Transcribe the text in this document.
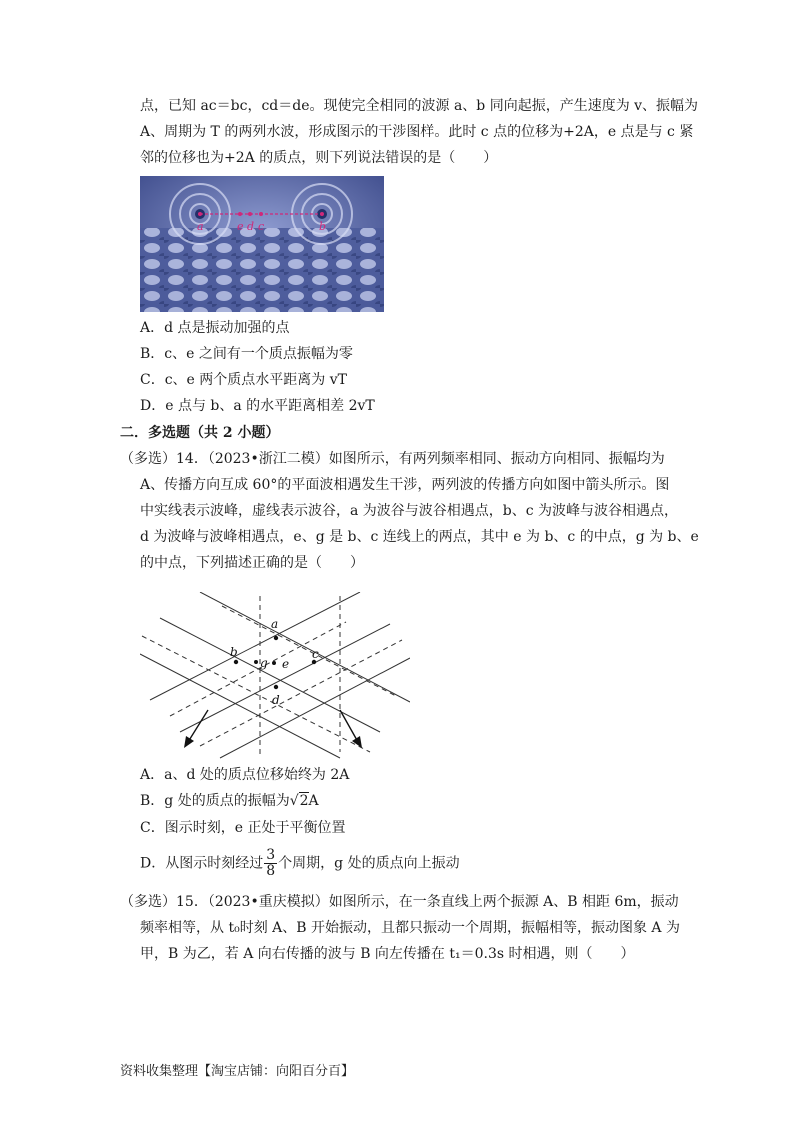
点，已知 ac＝bc，cd＝de。现使完全相同的波源 a、b 同向起振，产生速度为 v、振幅为
A、周期为 T 的两列水波，形成图示的干涉图样。此时 c 点的位移为+2A，e 点是与 c 紧
邻的位移也为+2A 的质点，则下列说法错误的是（　　）
a	e d c	b
A．d 点是振动加强的点
B．c、e 之间有一个质点振幅为零
C．c、e 两个质点水平距离为 vT
D．e 点与 b、a 的水平距离相差 2vT
二．多选题（共 2 小题）
（多选）14．（2023•浙江二模）如图所示，有两列频率相同、振动方向相同、振幅均为
A、传播方向互成 60°的平面波相遇发生干涉，两列波的传播方向如图中箭头所示。图
中实线表示波峰，虚线表示波谷，a 为波谷与波谷相遇点，b、c 为波峰与波谷相遇点，
d 为波峰与波峰相遇点，e、g 是 b、c 连线上的两点，其中 e 为 b、c 的中点，g 为 b、e
的中点，下列描述正确的是（　　）
a
b
g e
c
d
A．a、d 处的质点位移始终为 2A
B．g 处的质点的振幅为√2A
C．图示时刻，e 正处于平衡位置
D．从图示时刻经过 $\frac{3}{8}$ 个周期，g 处的质点向上振动
（多选）15．（2023•重庆模拟）如图所示，在一条直线上两个振源 A、B 相距 6m，振动
频率相等，从 t₀时刻 A、B 开始振动，且都只振动一个周期，振幅相等，振动图象 A 为
甲，B 为乙，若 A 向右传播的波与 B 向左传播在 t₁＝0.3s 时相遇，则（　　）
资料收集整理【淘宝店铺：向阳百分百】
